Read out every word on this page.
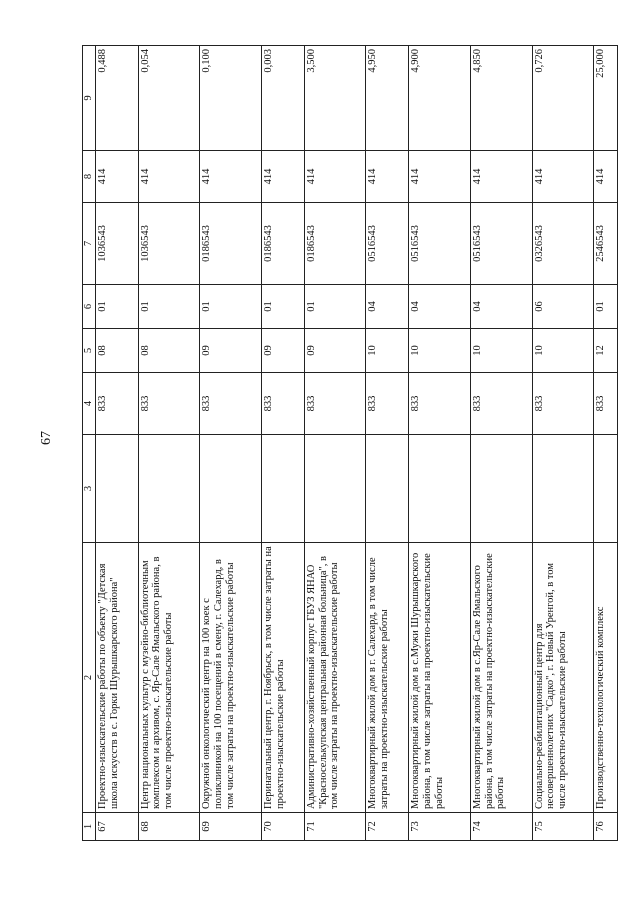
67
1	2	3	4	5	6	7	8	9
67	Проектно-изыскательские работы по объекту "Детская школа искусств в с. Горки Шурышкарского района"		833	08	01	1036543	414	0,488
68	Центр национальных культур с музейно-библиотечным комплексом и архивом, с. Яр-Сале Ямальского района, в том числе проектно-изыскательские работы		833	08	01	1036543	414	0,054
69	Окружной онкологический центр на 100 коек с поликлиникой на 100 посещений в смену, г. Салехард, в том числе затраты на проектно-изыскательские работы		833	09	01	0186543	414	0,100
70	Перинатальный центр, г. Ноябрьск, в том числе затраты на проектно-изыскательские работы		833	09	01	0186543	414	0,003
71	Административно-хозяйственный корпус ГБУЗ ЯНАО "Красноселькупская центральная районная больница", в том числе затраты на проектно-изыскательские работы		833	09	01	0186543	414	3,500
72	Многоквартирный жилой дом в г. Салехард, в том числе затраты на проектно-изыскательские работы		833	10	04	0516543	414	4,950
73	Многоквартирный жилой дом в с.Мужи Шурышкарского района, в том числе затраты на проектно-изыскательские работы		833	10	04	0516543	414	4,900
74	Многоквартирный жилой дом в с.Яр-Сале Ямальского района, в том числе затраты на проектно-изыскательские работы		833	10	04	0516543	414	4,850
75	Социально-реабилитационный центр для несовершеннолетних "Садко", г. Новый Уренгой, в том числе проектно-изыскательские работы		833	10	06	0326543	414	0,726
76	Производственно-технологический комплекс		833	12	01	2546543	414	25,000
